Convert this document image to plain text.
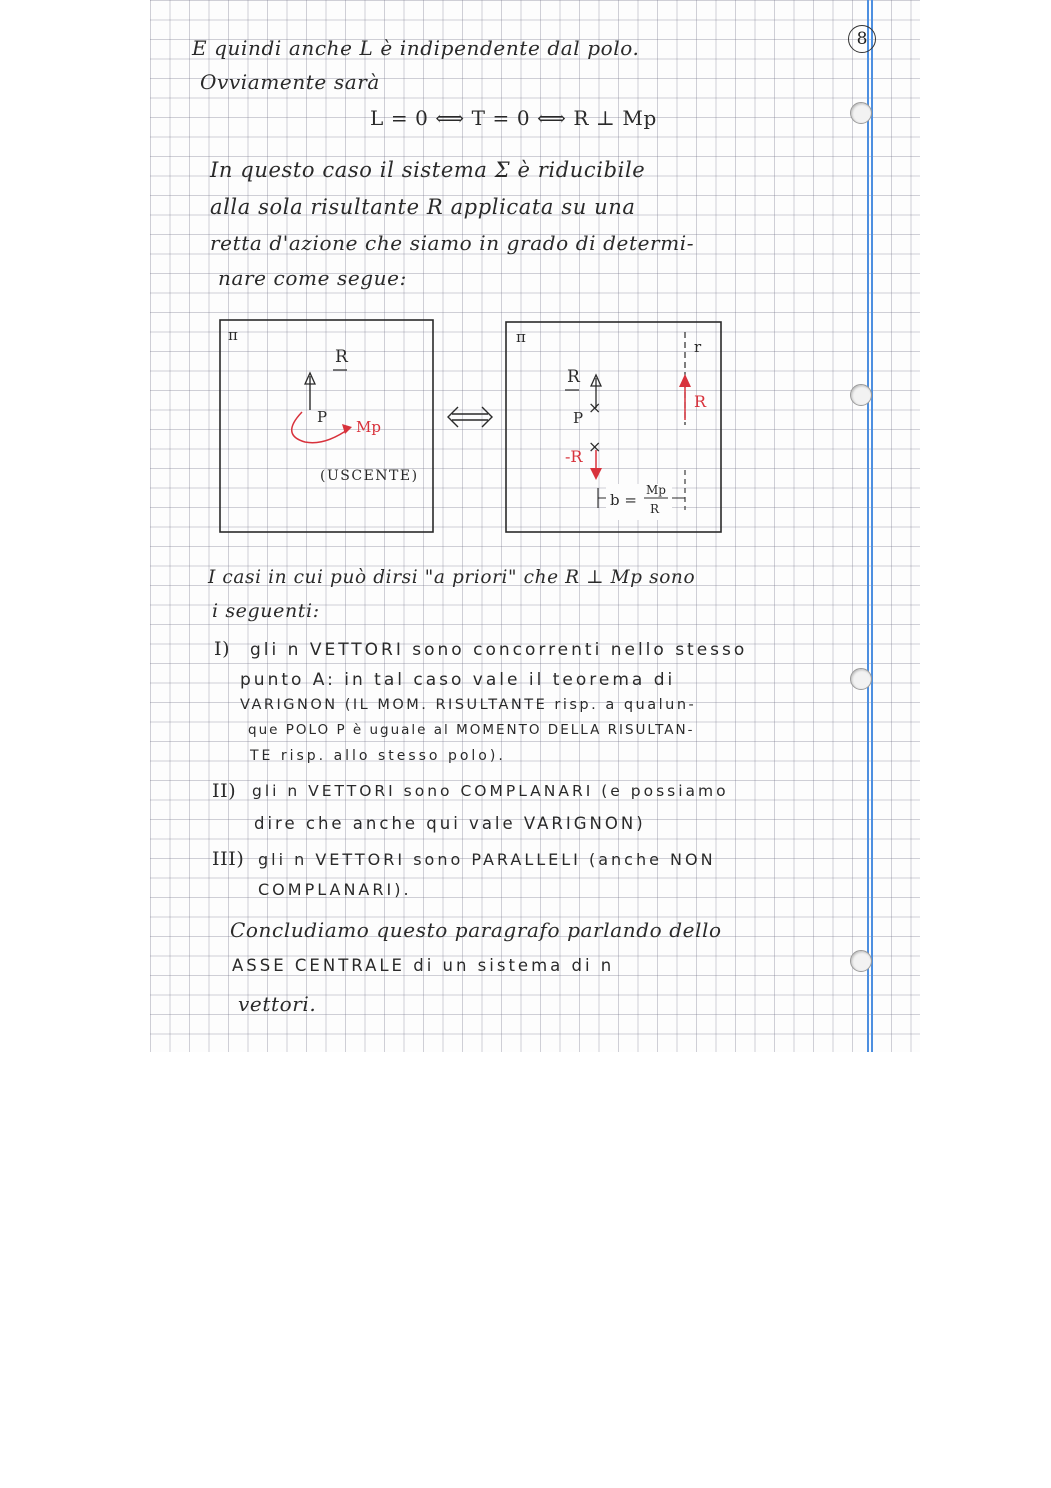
8
E quindi anche L è indipendente dal polo.
Ovviamente sarà
L = 0 ⟺ T = 0 ⟺ R ⊥ Mp
In questo caso il sistema Σ è riducibile
alla sola risultante R applicata su una
retta d'azione che siamo in grado di determi-
nare come segue:
π
R
P
Mp
(USCENTE)
π
r
R
×
P
×
-R
R
b =
Mp
R
I casi in cui può dirsi "a priori" che R ⊥ Mp sono
i seguenti:
I) gli n VETTORI sono concorrenti nello stesso
punto A: in tal caso vale il teorema di
VARIGNON (IL MOM. RISULTANTE risp. a qualun-
que POLO P è uguale al MOMENTO DELLA RISULTAN-
TE risp. allo stesso polo).
II) gli n VETTORI sono COMPLANARI (e possiamo
dire che anche qui vale VARIGNON)
III) gli n VETTORI sono PARALLELI (anche NON
COMPLANARI).
Concludiamo questo paragrafo parlando dello
ASSE CENTRALE di un sistema di n
vettori.
